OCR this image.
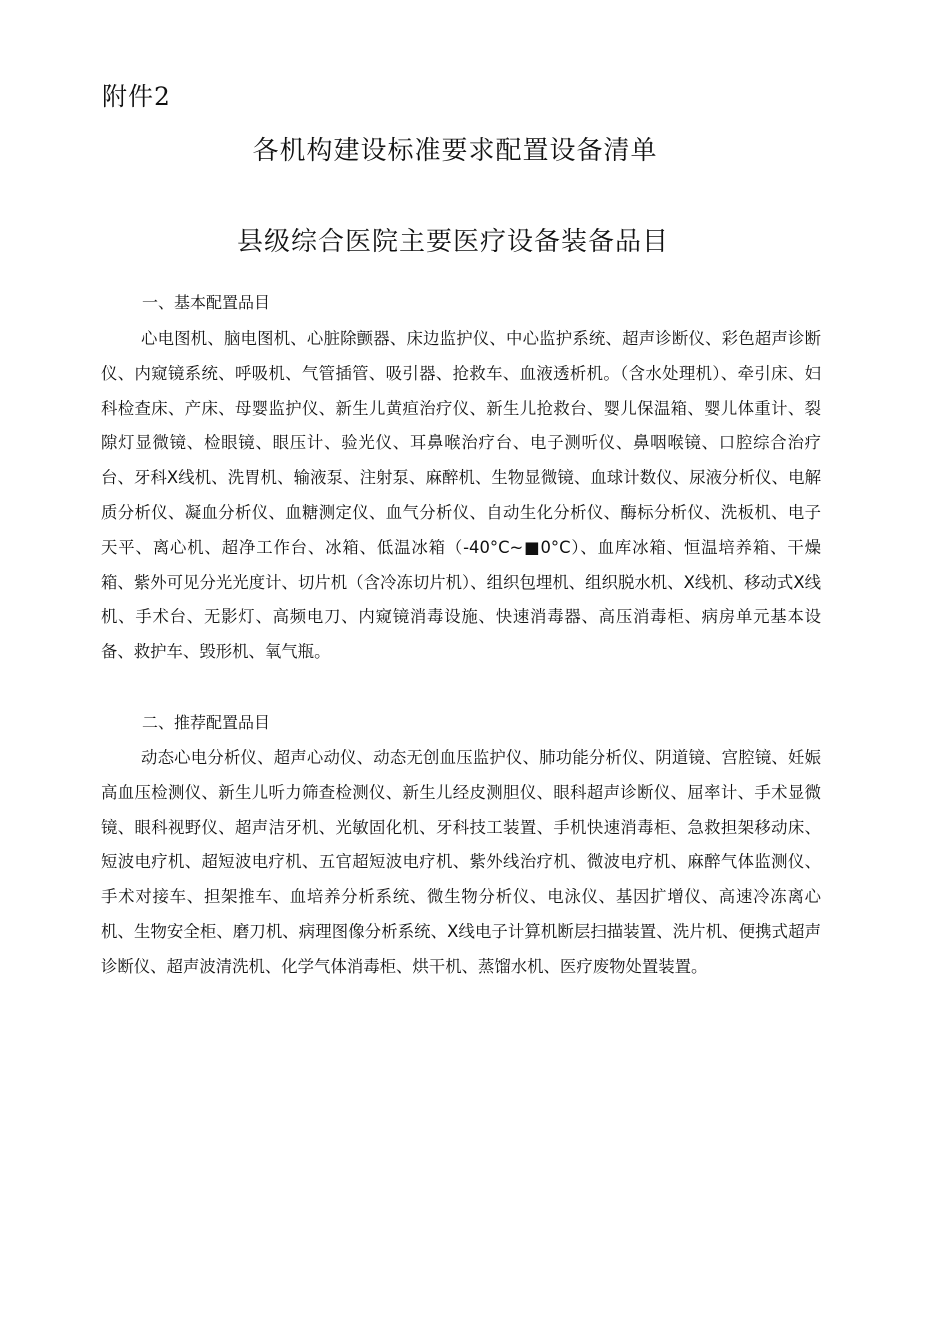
附件2
各机构建设标准要求配置设备清单
县级综合医院主要医疗设备装备品目
一、基本配置品目

心电图机、脑电图机、心脏除颤器、床边监护仪、中心监护系统、超声诊断仪、彩色超声诊断仪、内窥镜系统、呼吸机、气管插管、吸引器、抢救车、血液透析机。（含水处理机）、牵引床、妇科检查床、产床、母婴监护仪、新生儿黄疸治疗仪、新生儿抢救台、婴儿保温箱、婴儿体重计、裂隙灯显微镜、检眼镜、眼压计、验光仪、耳鼻喉治疗台、电子测听仪、鼻咽喉镜、口腔综合治疗台、牙科X线机、洗胃机、输液泵、注射泵、麻醉机、生物显微镜、血球计数仪、尿液分析仪、电解质分析仪、凝血分析仪、血糖测定仪、血气分析仪、自动生化分析仪、酶标分析仪、洗板机、电子天平、离心机、超净工作台、冰箱、低温冰箱（-40°C~■0°C）、血库冰箱、恒温培养箱、干燥箱、紫外可见分光光度计、切片机（含冷冻切片机）、组织包埋机、组织脱水机、X线机、移动式X线机、手术台、无影灯、高频电刀、内窥镜消毒设施、快速消毒器、高压消毒柜、病房单元基本设备、救护车、毁形机、氧气瓶。

二、推荐配置品目

动态心电分析仪、超声心动仪、动态无创血压监护仪、肺功能分析仪、阴道镜、宫腔镜、妊娠高血压检测仪、新生儿听力筛查检测仪、新生儿经皮测胆仪、眼科超声诊断仪、屈率计、手术显微镜、眼科视野仪、超声洁牙机、光敏固化机、牙科技工装置、手机快速消毒柜、急救担架移动床、短波电疗机、超短波电疗机、五官超短波电疗机、紫外线治疗机、微波电疗机、麻醉气体监测仪、手术对接车、担架推车、血培养分析系统、微生物分析仪、电泳仪、基因扩增仪、高速冷冻离心机、生物安全柜、磨刀机、病理图像分析系统、X线电子计算机断层扫描装置、洗片机、便携式超声诊断仪、超声波清洗机、化学气体消毒柜、烘干机、蒸馏水机、医疗废物处置装置。
